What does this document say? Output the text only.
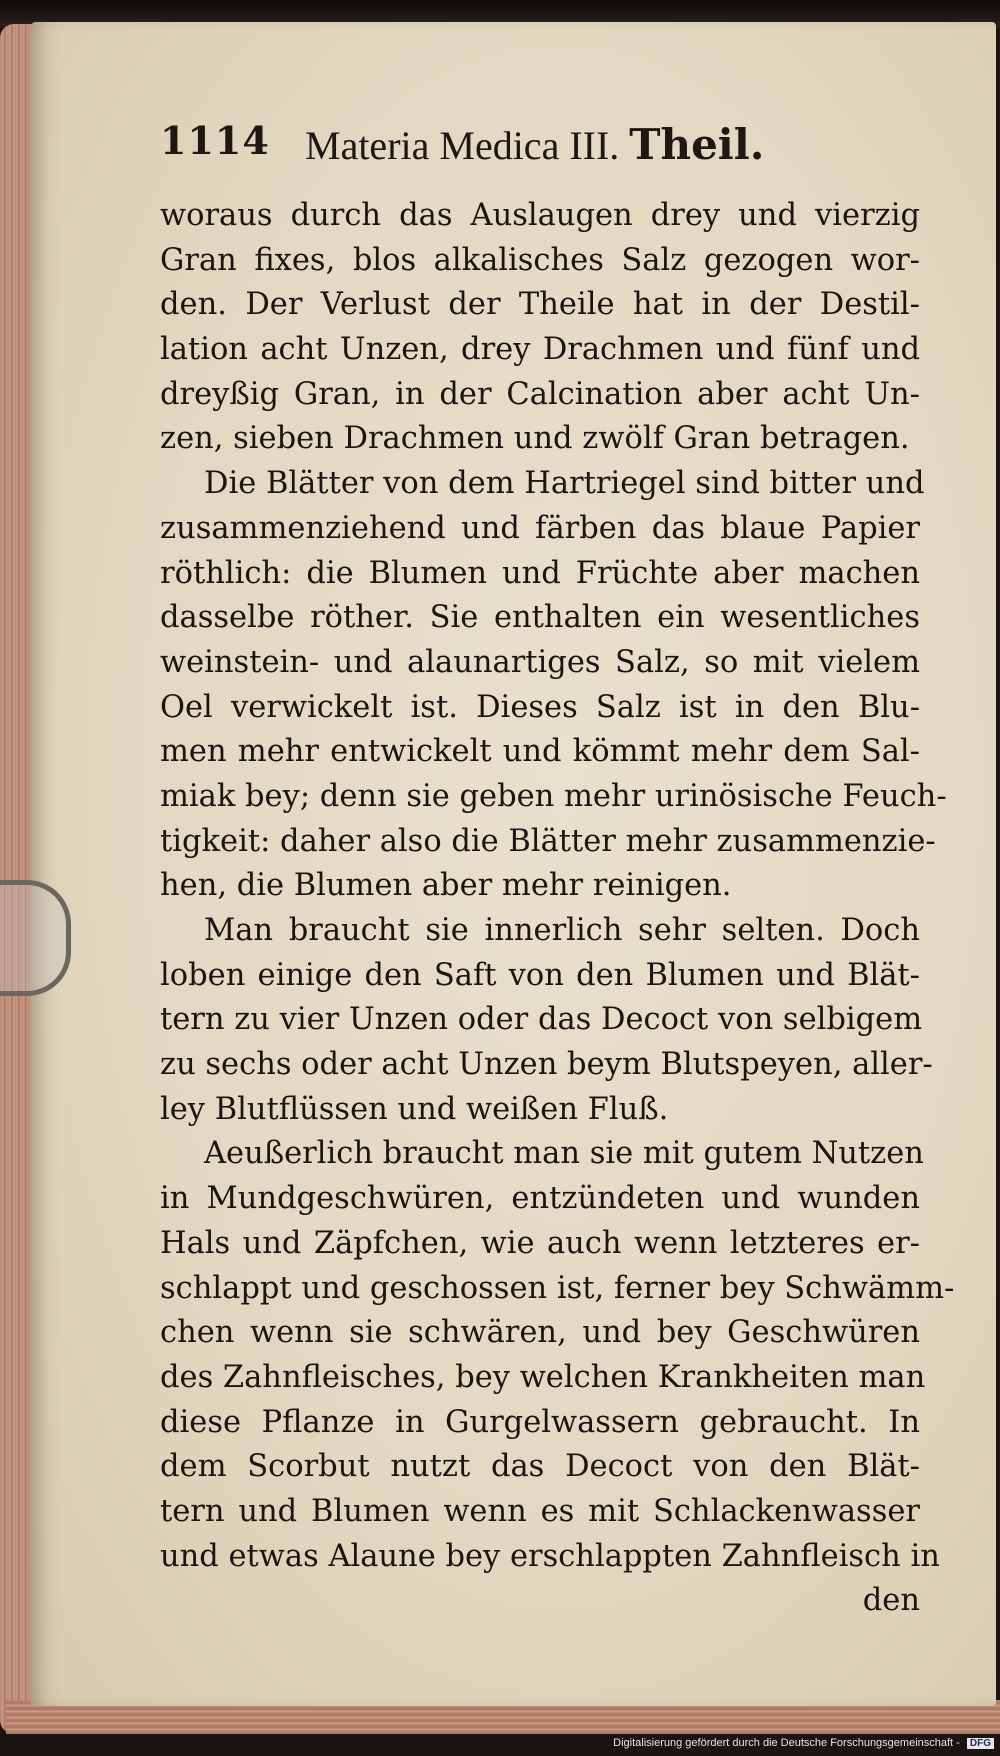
1114 Materia Medica III. Theil.
woraus durch das Auslaugen drey und vierzig
Gran fixes, blos alkalisches Salz gezogen wor-
den. Der Verlust der Theile hat in der Destil-
lation acht Unzen, drey Drachmen und fünf und
dreyßig Gran, in der Calcination aber acht Un-
zen, sieben Drachmen und zwölf Gran betragen.
Die Blätter von dem Hartriegel sind bitter und
zusammenziehend und färben das blaue Papier
röthlich: die Blumen und Früchte aber machen
dasselbe röther. Sie enthalten ein wesentliches
weinstein- und alaunartiges Salz, so mit vielem
Oel verwickelt ist. Dieses Salz ist in den Blu-
men mehr entwickelt und kömmt mehr dem Sal-
miak bey; denn sie geben mehr urinösische Feuch-
tigkeit: daher also die Blätter mehr zusammenzie-
hen, die Blumen aber mehr reinigen.
Man braucht sie innerlich sehr selten. Doch
loben einige den Saft von den Blumen und Blät-
tern zu vier Unzen oder das Decoct von selbigem
zu sechs oder acht Unzen beym Blutspeyen, aller-
ley Blutflüssen und weißen Fluß.
Aeußerlich braucht man sie mit gutem Nutzen
in Mundgeschwüren, entzündeten und wunden
Hals und Zäpfchen, wie auch wenn letzteres er-
schlappt und geschossen ist, ferner bey Schwämm-
chen wenn sie schwären, und bey Geschwüren
des Zahnfleisches, bey welchen Krankheiten man
diese Pflanze in Gurgelwassern gebraucht. In
dem Scorbut nutzt das Decoct von den Blät-
tern und Blumen wenn es mit Schlackenwasser
und etwas Alaune bey erschlappten Zahnfleisch in
den
Digitalisierung gefördert durch die Deutsche Forschungsgemeinschaft - DFG
